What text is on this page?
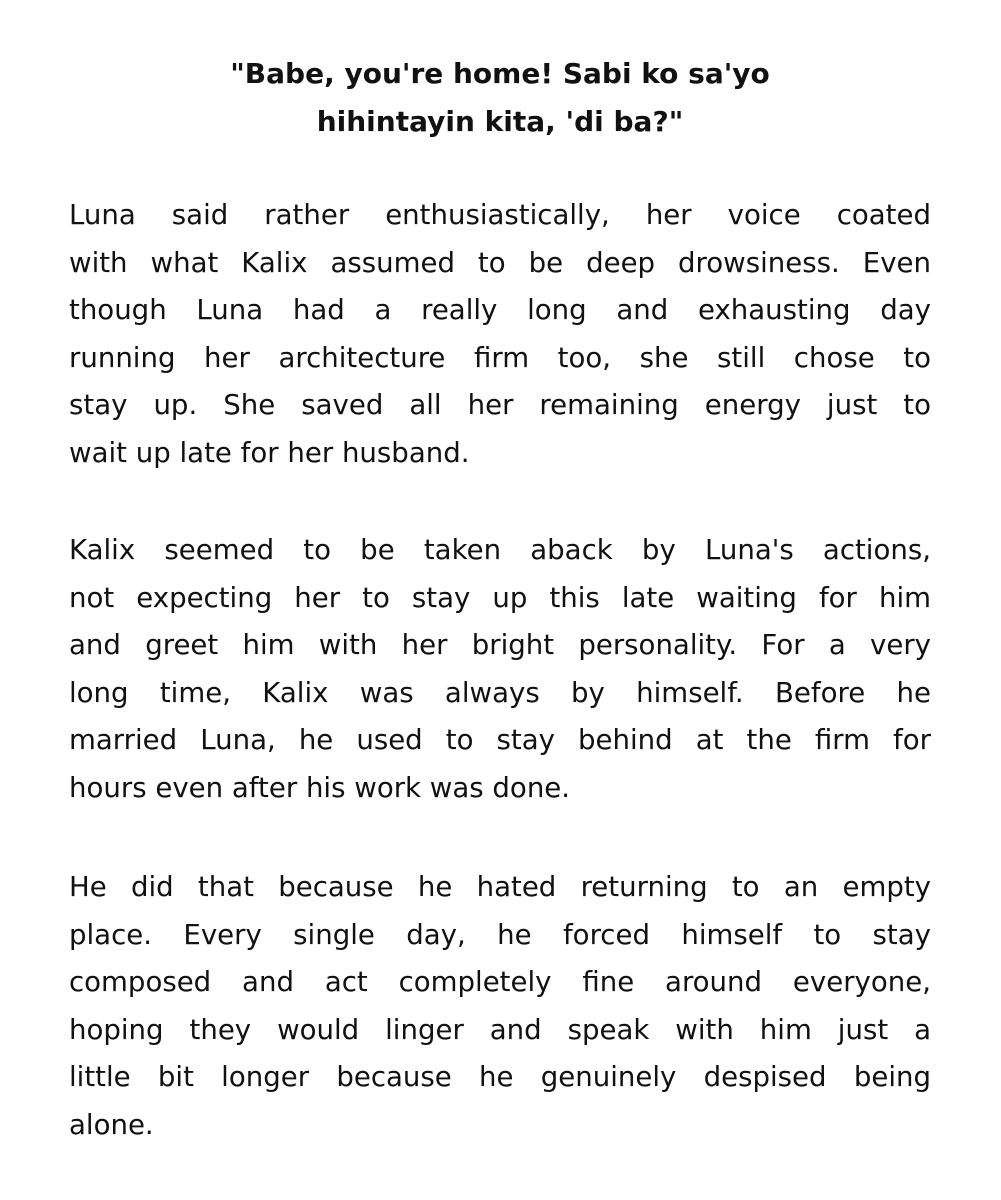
"Babe, you're home! Sabi ko sa'yo
hihintayin kita, 'di ba?"

Luna said rather enthusiastically, her voice coated
with what Kalix assumed to be deep drowsiness. Even
though Luna had a really long and exhausting day
running her architecture firm too, she still chose to
stay up. She saved all her remaining energy just to
wait up late for her husband.

Kalix seemed to be taken aback by Luna's actions,
not expecting her to stay up this late waiting for him
and greet him with her bright personality. For a very
long time, Kalix was always by himself. Before he
married Luna, he used to stay behind at the firm for
hours even after his work was done.

He did that because he hated returning to an empty
place. Every single day, he forced himself to stay
composed and act completely fine around everyone,
hoping they would linger and speak with him just a
little bit longer because he genuinely despised being
alone.
